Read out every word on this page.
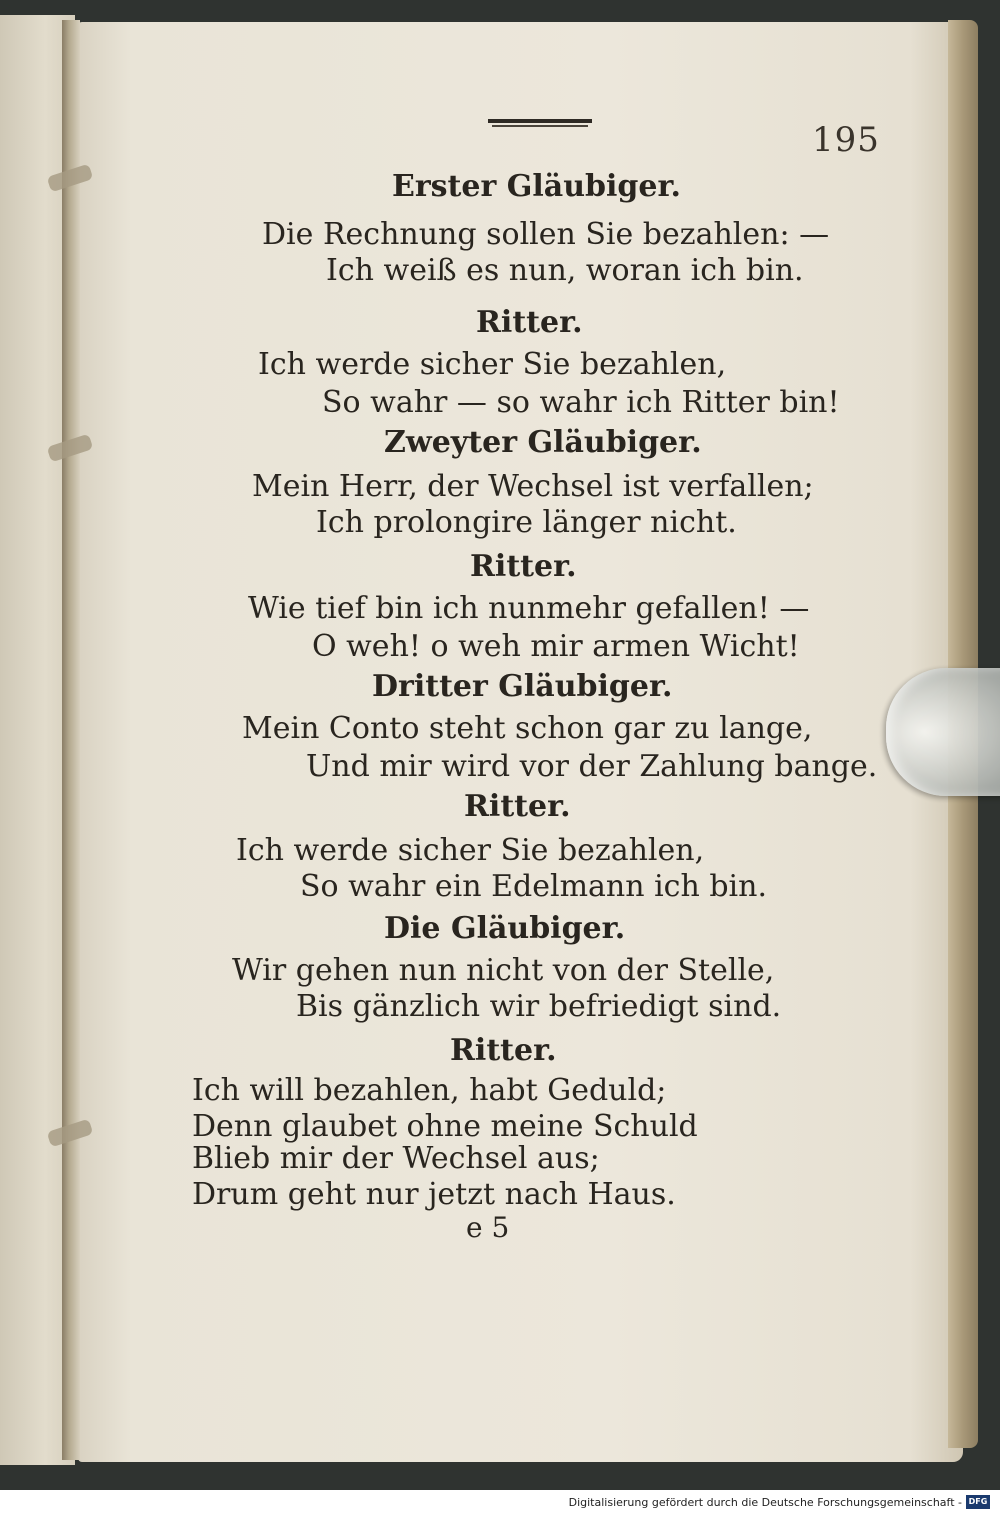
195
Erster Gläubiger.
Die Rechnung sollen Sie bezahlen: —
Ich weiß es nun, woran ich bin.
Ritter.
Ich werde sicher Sie bezahlen,
So wahr — so wahr ich Ritter bin!
Zweyter Gläubiger.
Mein Herr, der Wechsel ist verfallen;
Ich prolongire länger nicht.
Ritter.
Wie tief bin ich nunmehr gefallen! —
O weh! o weh mir armen Wicht!
Dritter Gläubiger.
Mein Conto steht schon gar zu lange,
Und mir wird vor der Zahlung bange.
Ritter.
Ich werde sicher Sie bezahlen,
So wahr ein Edelmann ich bin.
Die Gläubiger.
Wir gehen nun nicht von der Stelle,
Bis gänzlich wir befriedigt sind.
Ritter.
Ich will bezahlen, habt Geduld;
Denn glaubet ohne meine Schuld
Blieb mir der Wechsel aus;
Drum geht nur jetzt nach Haus.
e 5
Digitalisierung gefördert durch die Deutsche Forschungsgemeinschaft - DFG
